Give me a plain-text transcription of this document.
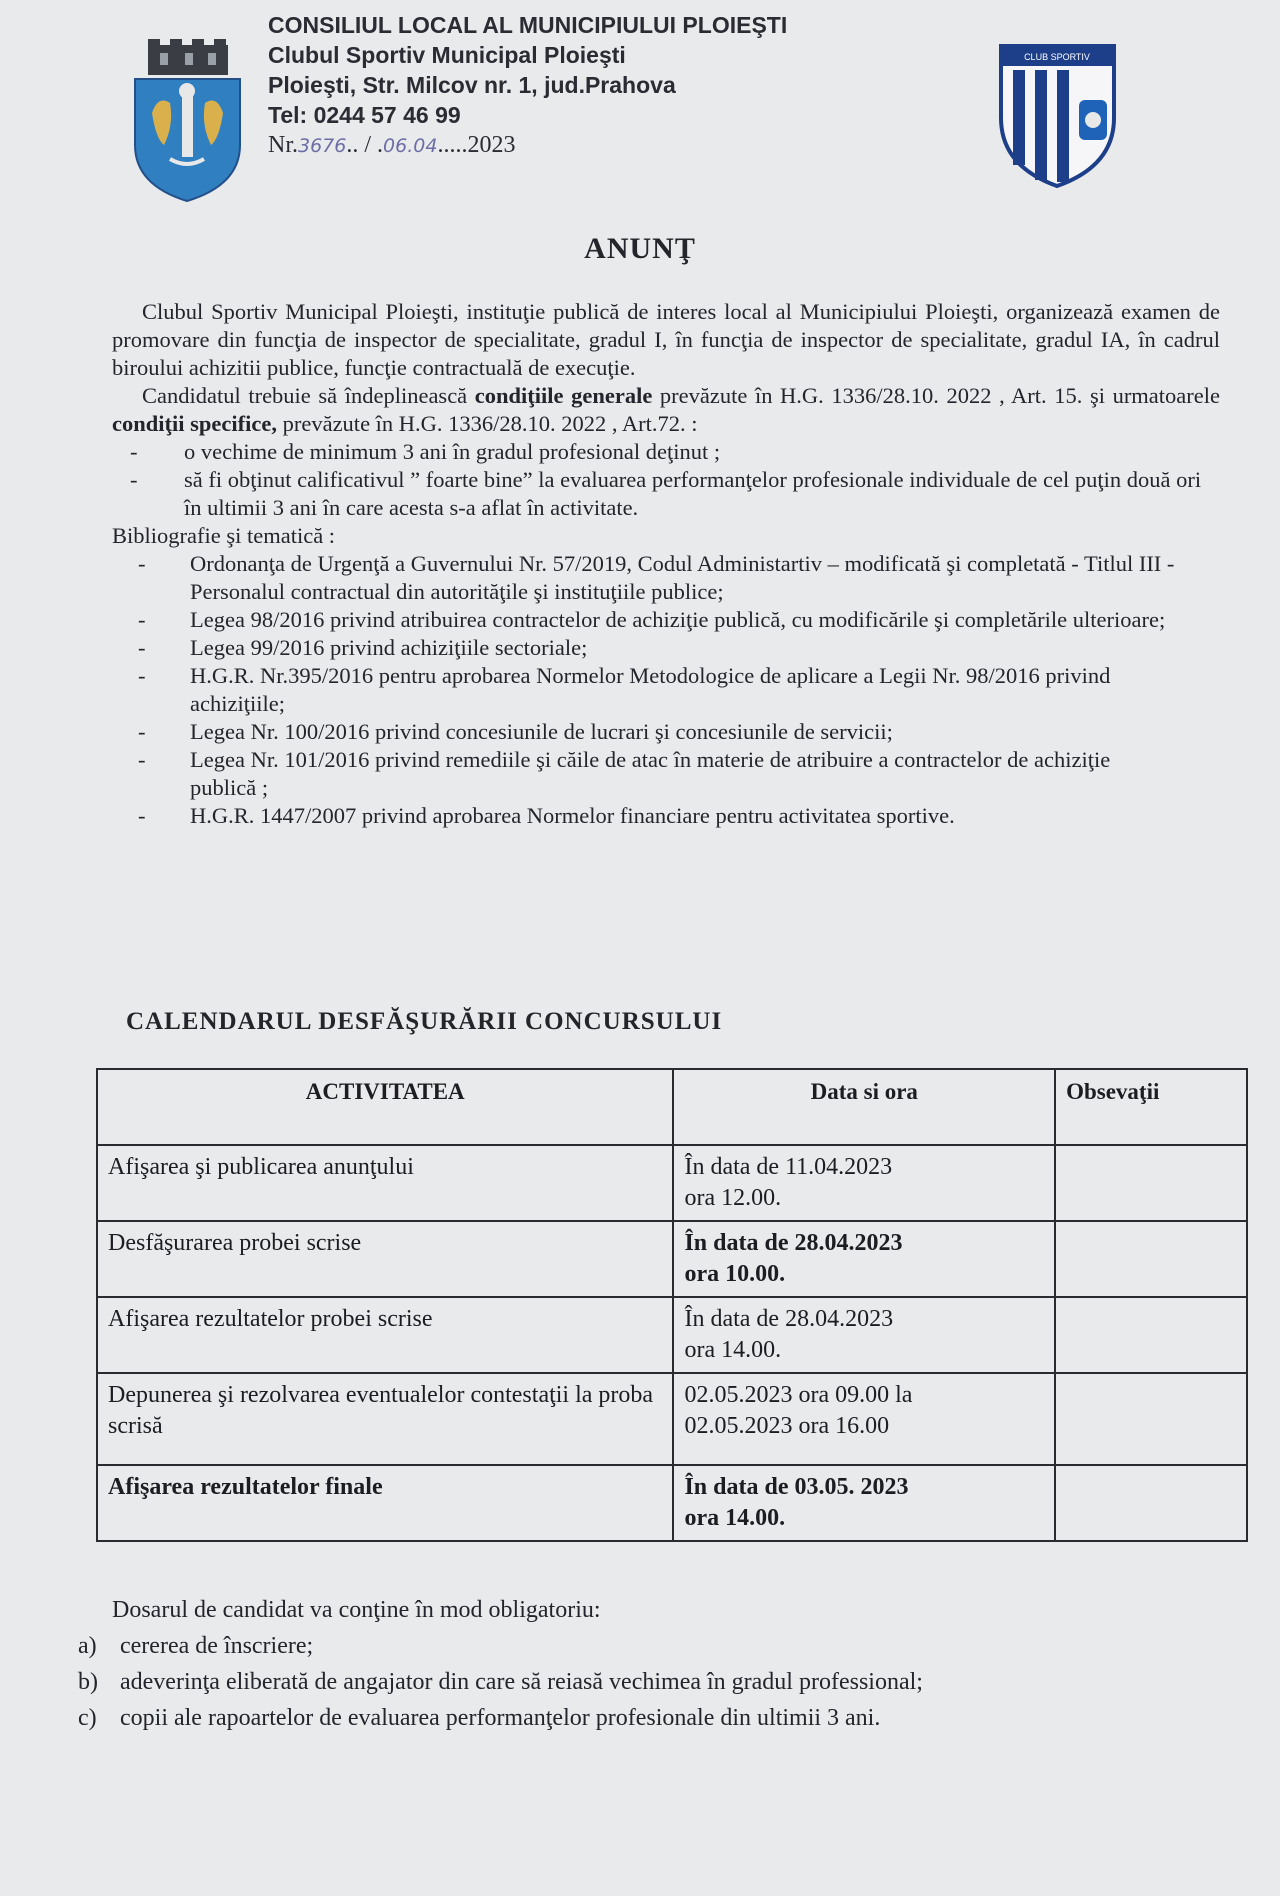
CONSILIUL LOCAL AL MUNICIPIULUI PLOIEŞTI
Clubul Sportiv Municipal Ploieşti
Ploieşti, Str. Milcov nr. 1, jud.Prahova
Tel: 0244 57 46 99
Nr.3676.. / .06.04.....2023
CLUB SPORTIV
ANUNŢ

Clubul Sportiv Municipal Ploieşti, instituţie publică de interes local al Municipiului Ploieşti, organizează examen de promovare din funcţia de inspector de specialitate, gradul I, în funcţia de inspector de specialitate, gradul IA, în cadrul biroului achizitii publice, funcţie contractuală de execuţie.

Candidatul trebuie să îndeplinească condiţiile generale prevăzute în H.G. 1336/28.10. 2022 , Art. 15. şi urmatoarele condiţii specifice, prevăzute în H.G. 1336/28.10. 2022 , Art.72. :

- o vechime de minimum 3 ani în gradul profesional deţinut ;
- să fi obţinut calificativul ” foarte bine” la evaluarea performanţelor profesionale individuale de cel puţin două ori în ultimii 3 ani în care acesta s-a aflat în activitate.

Bibliografie şi tematică :

- Ordonanţa de Urgenţă a Guvernului Nr. 57/2019, Codul Administartiv – modificată şi completată - Titlul III - Personalul contractual din autorităţile şi instituţiile publice;
- Legea 98/2016 privind atribuirea contractelor de achiziţie publică, cu modificările şi completările ulterioare;
- Legea 99/2016 privind achiziţiile sectoriale;
- H.G.R. Nr.395/2016 pentru aprobarea Normelor Metodologice de aplicare a Legii Nr. 98/2016 privind achiziţiile;
- Legea Nr. 100/2016 privind concesiunile de lucrari şi concesiunile de servicii;
- Legea Nr. 101/2016 privind remediile şi căile de atac în materie de atribuire a contractelor de achiziţie publică ;
- H.G.R. 1447/2007 privind aprobarea Normelor financiare pentru activitatea sportive.
CALENDARUL DESFĂŞURĂRII CONCURSULUI
ACTIVITATEA	Data si ora	Obsevaţii
Afişarea şi publicarea anunţului	În data de 11.04.2023
ora 12.00.	

Desfăşurarea probei scrise	În data de 28.04.2023
ora 10.00.	

Afişarea rezultatelor probei scrise	În data de 28.04.2023
ora 14.00.	

Depunerea şi rezolvarea eventualelor contestaţii la proba scrisă	02.05.2023 ora 09.00 la
02.05.2023 ora 16.00	

Afişarea rezultatelor finale	În data de 03.05. 2023
ora 14.00.	

Dosarul de candidat va conţine în mod obligatoriu:
a) cererea de înscriere;
b) adeverinţa eliberată de angajator din care să reiasă vechimea în gradul professional;
c) copii ale rapoartelor de evaluarea performanţelor profesionale din ultimii 3 ani.
